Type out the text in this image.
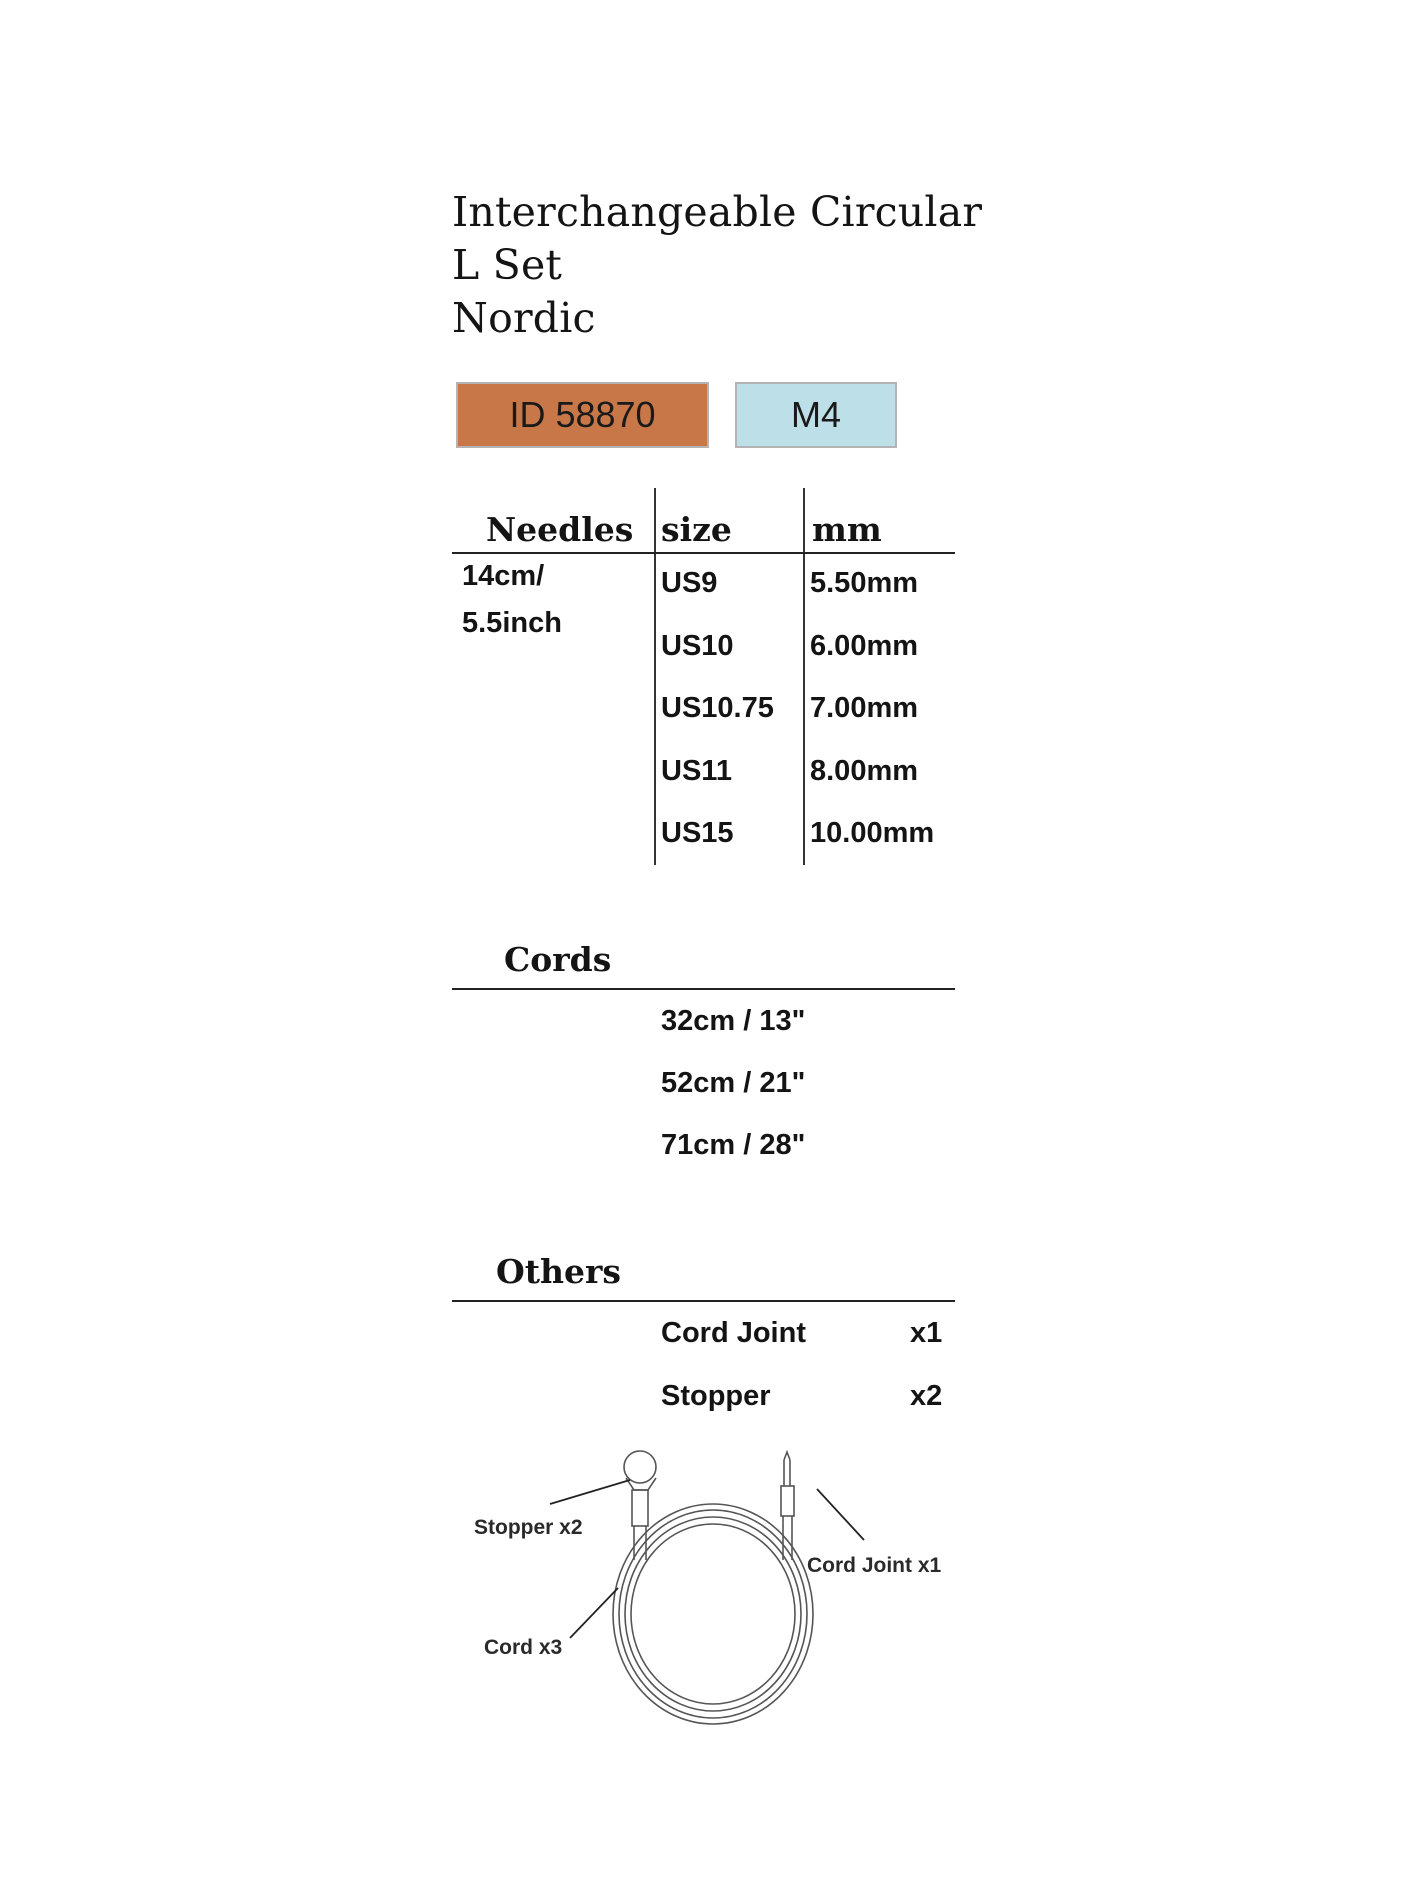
Interchangeable Circular
L Set
Nordic
ID 58870	M4
Needles size mm
14cm/
5.5inch
US9	5.50mm
US10	6.00mm
US10.75 7.00mm
US11	8.00mm
US15	10.00mm
Cords
32cm / 13"
52cm / 21"
71cm / 28"
Others
Cord Joint	x1
Stopper	x2
Stopper x2
Cord x3
Cord Joint x1
